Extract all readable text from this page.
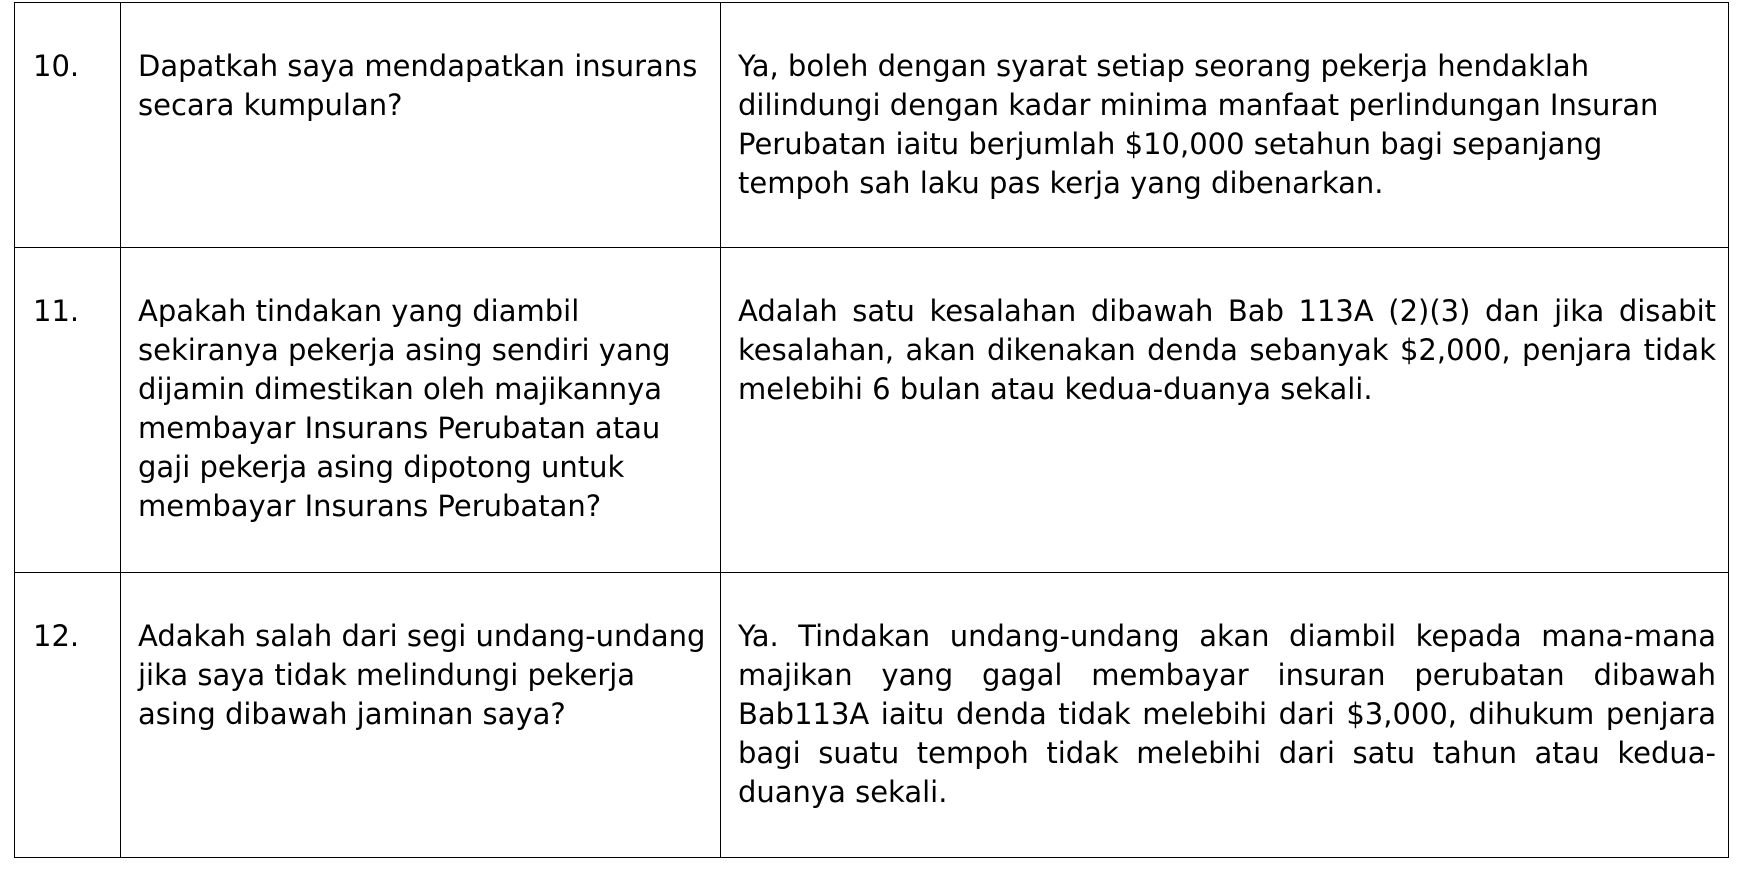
10.	Dapatkah saya mendapatkan insurans secara kumpulan?	Ya, boleh dengan syarat setiap seorang pekerja hendaklah dilindungi dengan kadar minima manfaat perlindungan Insuran Perubatan iaitu berjumlah $10,000 setahun bagi sepanjang tempoh sah laku pas kerja yang dibenarkan.
11.	Apakah tindakan yang diambil sekiranya pekerja asing sendiri yang dijamin dimestikan oleh majikannya membayar Insurans Perubatan atau gaji pekerja asing dipotong untuk membayar Insurans Perubatan?	Adalah satu kesalahan dibawah Bab 113A (2)(3) dan jika disabit kesalahan, akan dikenakan denda sebanyak $2,000, penjara tidak melebihi 6 bulan atau kedua-duanya sekali.
12.	Adakah salah dari segi undang-undang jika saya tidak melindungi pekerja asing dibawah jaminan saya?	Ya. Tindakan undang-undang akan diambil kepada mana-mana majikan yang gagal membayar insuran perubatan dibawah Bab113A iaitu denda tidak melebihi dari $3,000, dihukum penjara bagi suatu tempoh tidak melebihi dari satu tahun atau kedua-duanya sekali.
